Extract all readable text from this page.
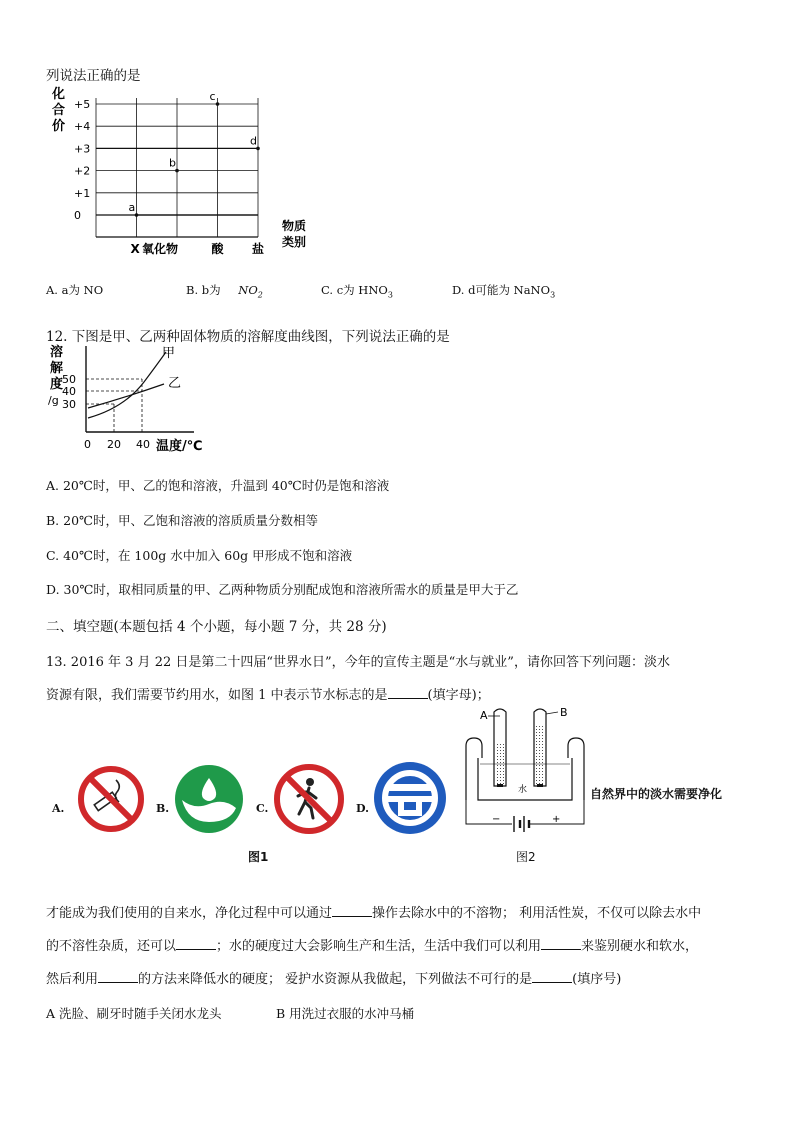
列说法正确的是
化
合
价
+5
+4
+3
+2
+1
0
X 氧化物	酸 盐
a
b
c
d
物质
类别
A. a为 NO	B. b为 $NO_2$	C. c为 $HNO_3$	D. d可能为 NaNO$_3$
12. 下图是甲、乙两种固体物质的溶解度曲线图，下列说法正确的是
溶
解
度
/g
50
40
30
甲
乙
0 20 40 温度/℃
A. 20℃时，甲、乙的饱和溶液，升温到 40℃时仍是饱和溶液
B. 20℃时，甲、乙饱和溶液的溶质质量分数相等
C. 40℃时，在 100g 水中加入 60g 甲形成不饱和溶液
D. 30℃时，取相同质量的甲、乙两种物质分别配成饱和溶液所需水的质量是甲大于乙
二、填空题(本题包括 4 个小题，每小题 7 分，共 28 分)
13. 2016 年 3 月 22 日是第二十四届“世界水日”，今年的宣传主题是“水与就业”，请你回答下列问题：淡水
资源有限，我们需要节约用水，如图 1 中表示节水标志的是	(填字母)；
A.	B.	C.	D.
图1
A	B
水
−	+
图2
自然界中的淡水需要净化
才能成为我们使用的自来水，净化过程中可以通过	操作去除水中的不溶物； 利用活性炭，不仅可以除去水中
的不溶性杂质，还可以	；水的硬度过大会影响生产和生活，生活中我们可以利用	来鉴别硬水和软水，
然后利用	的方法来降低水的硬度； 爱护水资源从我做起，下列做法不可行的是	(填序号)
A 洗脸、刷牙时随手关闭水龙头	B 用洗过衣服的水冲马桶
